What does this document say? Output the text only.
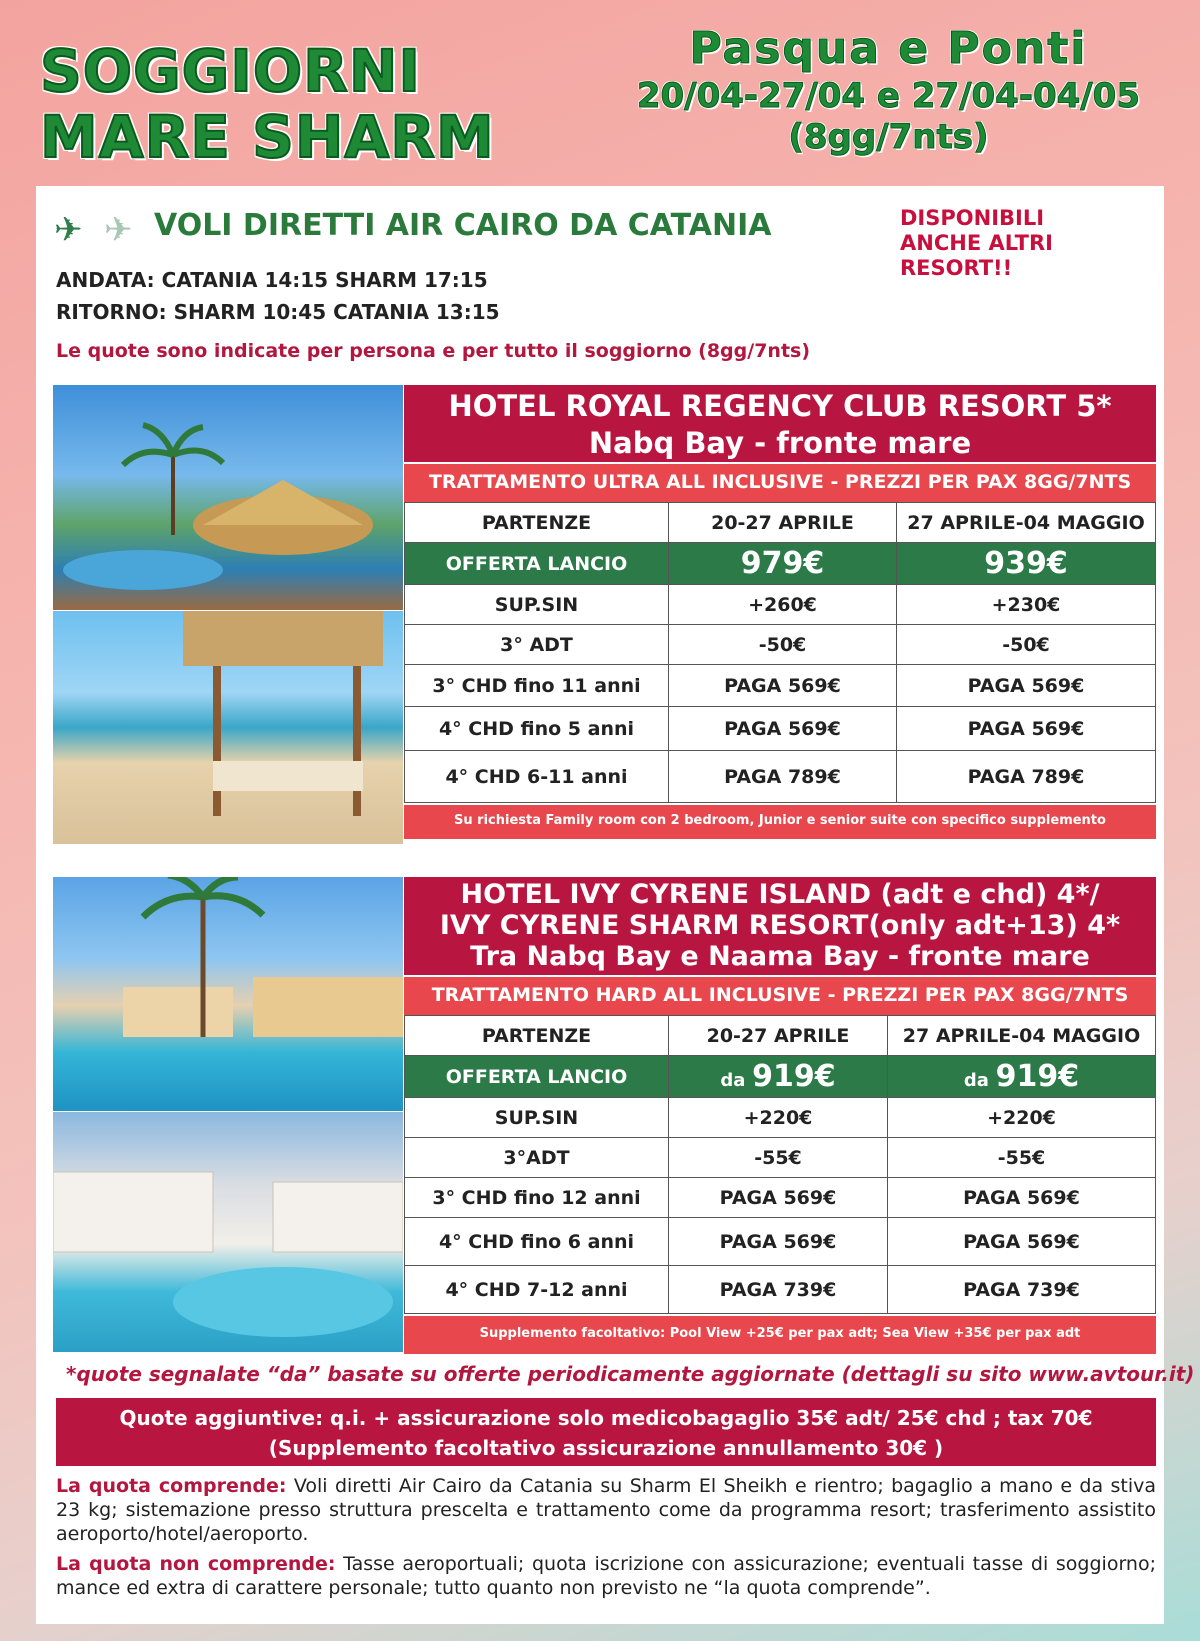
SOGGIORNI
MARE SHARM
Pasqua e Ponti
20/04-27/04 e 27/04-04/05
(8gg/7nts)
✈ ✈ VOLI DIRETTI AIR CAIRO DA CATANIA	DISPONIBILI
ANCHE ALTRI
RESORT!!
ANDATA: CATANIA 14:15 SHARM 17:15
RITORNO: SHARM 10:45 CATANIA 13:15
Le quote sono indicate per persona e per tutto il soggiorno (8gg/7nts)
HOTEL ROYAL REGENCY CLUB RESORT 5*
Nabq Bay - fronte mare
TRATTAMENTO ULTRA ALL INCLUSIVE - PREZZI PER PAX 8GG/7NTS
PARTENZE	20-27 APRILE	27 APRILE-04 MAGGIO
OFFERTA LANCIO	979€	939€
SUP.SIN	+260€	+230€
3° ADT	-50€	-50€
3° CHD fino 11 anni	PAGA 569€	PAGA 569€
4° CHD fino 5 anni	PAGA 569€	PAGA 569€
4° CHD 6-11 anni	PAGA 789€	PAGA 789€
Su richiesta Family room con 2 bedroom, Junior e senior suite con specifico supplemento
HOTEL IVY CYRENE ISLAND (adt e chd) 4*/
IVY CYRENE SHARM RESORT(only adt+13) 4*
Tra Nabq Bay e Naama Bay - fronte mare
TRATTAMENTO HARD ALL INCLUSIVE - PREZZI PER PAX 8GG/7NTS
PARTENZE	20-27 APRILE	27 APRILE-04 MAGGIO
OFFERTA LANCIO	da 919€	da 919€
SUP.SIN	+220€	+220€
3°ADT	-55€	-55€
3° CHD fino 12 anni	PAGA 569€	PAGA 569€
4° CHD fino 6 anni	PAGA 569€	PAGA 569€
4° CHD 7-12 anni	PAGA 739€	PAGA 739€
Supplemento facoltativo: Pool View +25€ per pax adt; Sea View +35€ per pax adt
*quote segnalate “da” basate su offerte periodicamente aggiornate (dettagli su sito www.avtour.it)
Quote aggiuntive: q.i. + assicurazione solo medicobagaglio 35€ adt/ 25€ chd ; tax 70€
(Supplemento facoltativo assicurazione annullamento 30€ )
La quota comprende: Voli diretti Air Cairo da Catania su Sharm El Sheikh e rientro; bagaglio a mano e da stiva 23 kg; sistemazione presso struttura prescelta e trattamento come da programma resort; trasferimento assistito aeroporto/hotel/aeroporto.
La quota non comprende: Tasse aeroportuali; quota iscrizione con assicurazione; eventuali tasse di soggiorno; mance ed extra di carattere personale; tutto quanto non previsto ne “la quota comprende”.
